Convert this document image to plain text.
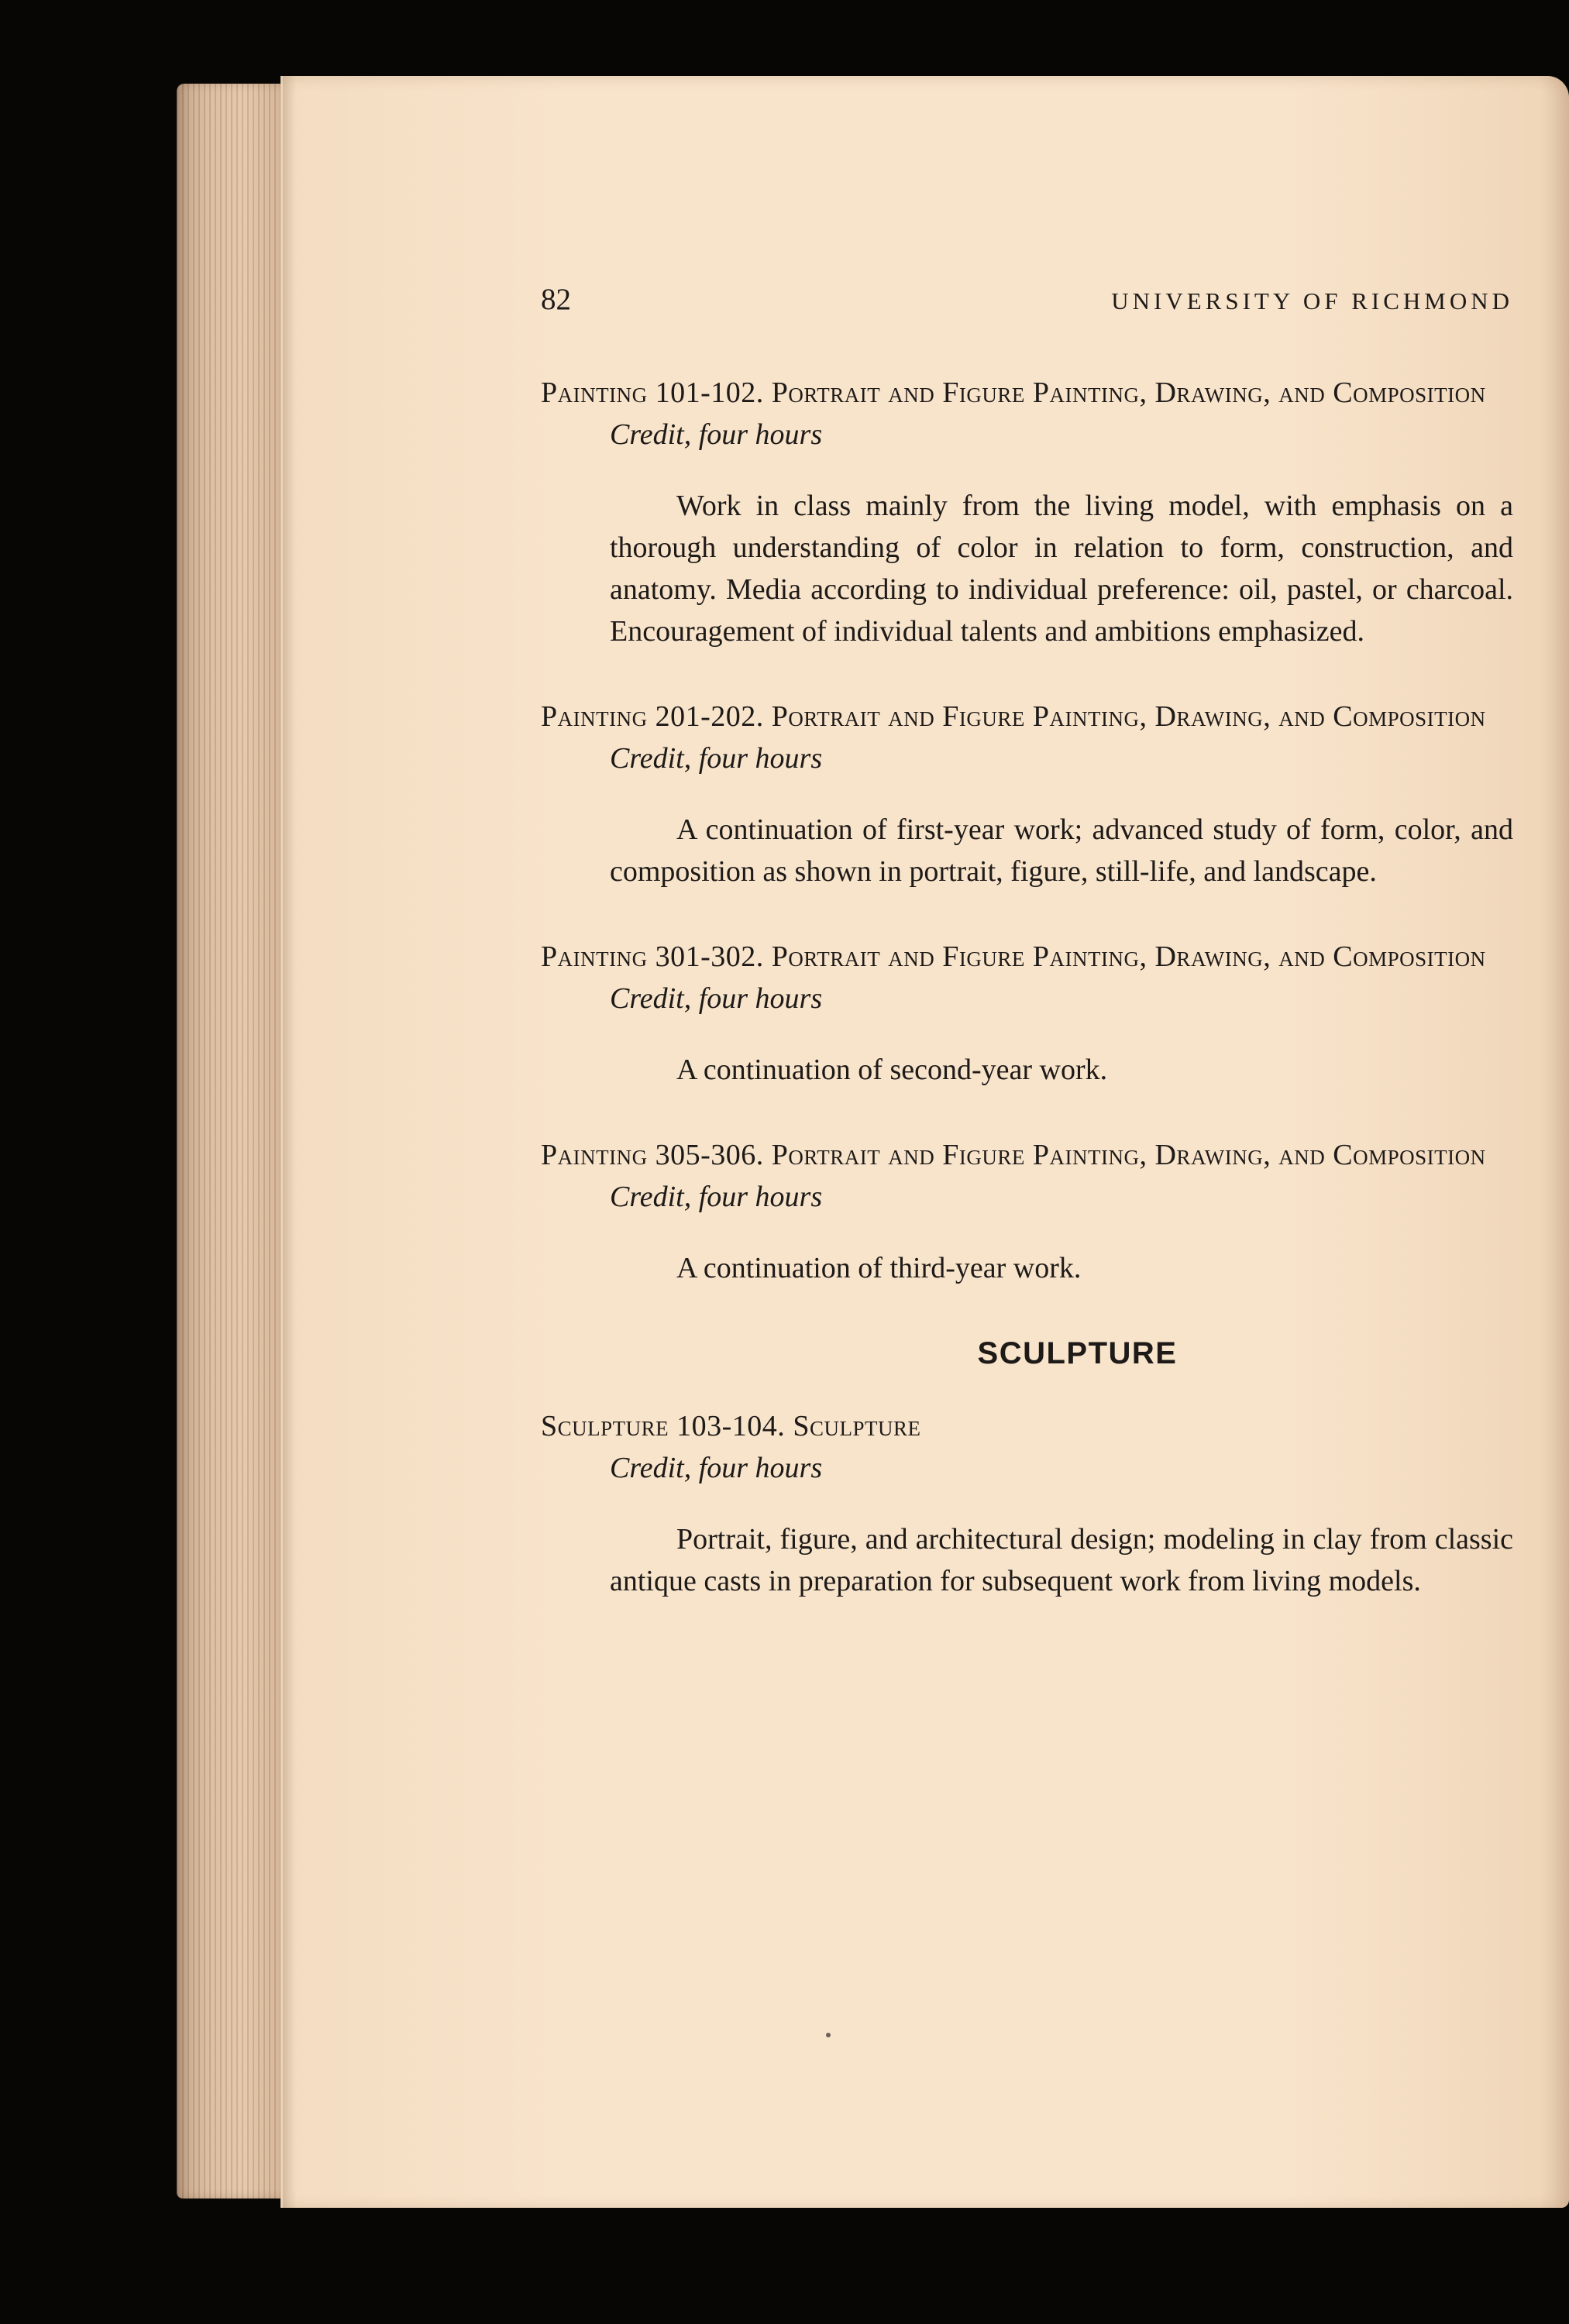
82	UNIVERSITY OF RICHMOND
Painting 101-102. Portrait and Figure Painting, Drawing, and Composition
Credit, four hours

Work in class mainly from the living model, with emphasis on a thorough understanding of color in relation to form, construction, and anatomy. Media according to individual preference: oil, pastel, or charcoal. Encouragement of individual talents and ambitions emphasized.

Painting 201-202. Portrait and Figure Painting, Drawing, and Composition
Credit, four hours

A continuation of first-year work; advanced study of form, color, and composition as shown in portrait, figure, still-life, and landscape.

Painting 301-302. Portrait and Figure Painting, Drawing, and Composition
Credit, four hours

A continuation of second-year work.

Painting 305-306. Portrait and Figure Painting, Drawing, and Composition
Credit, four hours

A continuation of third-year work.

SCULPTURE
Sculpture 103-104. Sculpture
Credit, four hours

Portrait, figure, and architectural design; modeling in clay from classic antique casts in preparation for subsequent work from living models.
